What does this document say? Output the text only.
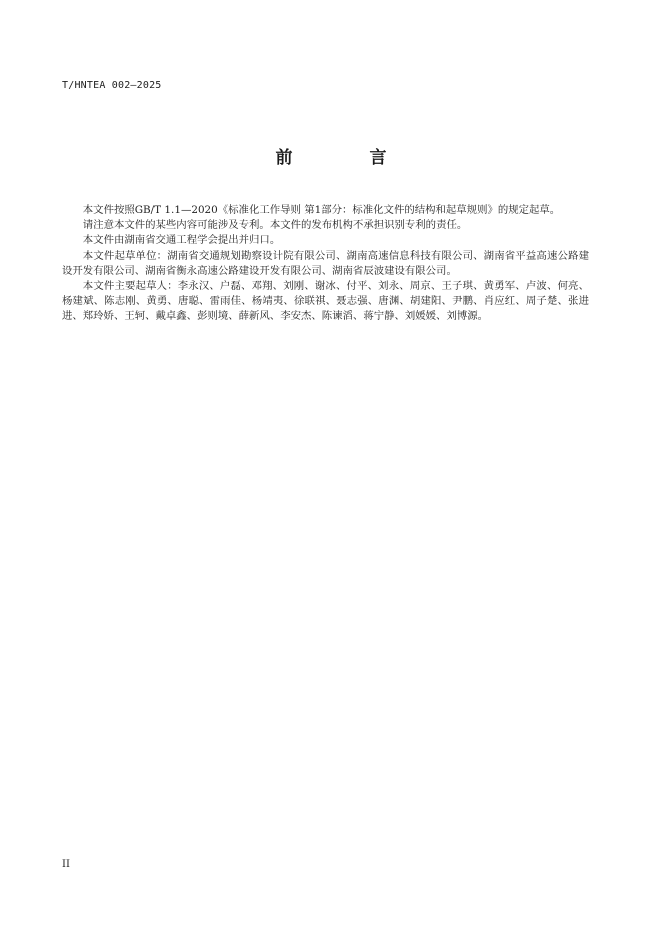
T/HNTEA 002—2025
前　言

本文件按照GB/T 1.1—2020《标准化工作导则 第1部分：标准化文件的结构和起草规则》的规定起草。

请注意本文件的某些内容可能涉及专利。本文件的发布机构不承担识别专利的责任。

本文件由湖南省交通工程学会提出并归口。

本文件起草单位：湖南省交通规划勘察设计院有限公司、湖南高速信息科技有限公司、湖南省平益高速公路建设开发有限公司、湖南省衡永高速公路建设开发有限公司、湖南省辰波建设有限公司。

本文件主要起草人：李永汉、户磊、邓翔、刘刚、谢冰、付平、刘永、周京、王子琪、黄勇军、卢波、何亮、杨建斌、陈志刚、黄勇、唐聪、雷雨佳、杨靖夷、徐联祺、聂志强、唐渊、胡建阳、尹鹏、肖应红、周子楚、张进进、郑玲娇、王轲、戴卓鑫、彭则境、薛新风、李安杰、陈谏滔、蒋宁静、刘媛媛、刘博源。

II
